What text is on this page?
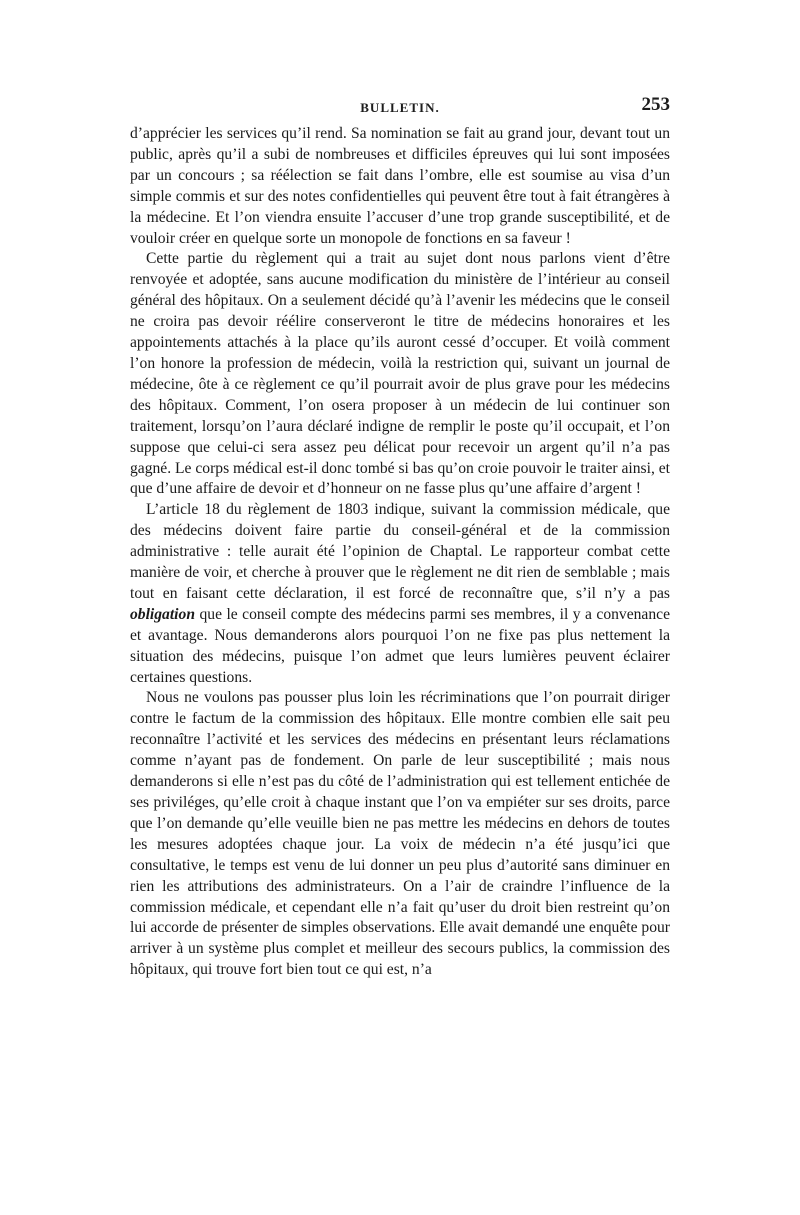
BULLETIN.	253

d’apprécier les services qu’il rend. Sa nomination se fait au grand jour, devant tout un public, après qu’il a subi de nombreuses et difficiles épreuves qui lui sont imposées par un concours ; sa réélection se fait dans l’ombre, elle est soumise au visa d’un simple commis et sur des notes confidentielles qui peuvent être tout à fait étrangères à la médecine. Et l’on viendra ensuite l’accuser d’une trop grande susceptibilité, et de vouloir créer en quelque sorte un monopole de fonctions en sa faveur !

Cette partie du règlement qui a trait au sujet dont nous parlons vient d’être renvoyée et adoptée, sans aucune modification du ministère de l’intérieur au conseil général des hôpitaux. On a seulement décidé qu’à l’avenir les médecins que le conseil ne croira pas devoir réélire conserveront le titre de médecins honoraires et les appointements attachés à la place qu’ils auront cessé d’occuper. Et voilà comment l’on honore la profession de médecin, voilà la restriction qui, suivant un journal de médecine, ôte à ce règlement ce qu’il pourrait avoir de plus grave pour les médecins des hôpitaux. Comment, l’on osera proposer à un médecin de lui continuer son traitement, lorsqu’on l’aura déclaré indigne de remplir le poste qu’il occupait, et l’on suppose que celui-ci sera assez peu délicat pour recevoir un argent qu’il n’a pas gagné. Le corps médical est-il donc tombé si bas qu’on croie pouvoir le traiter ainsi, et que d’une affaire de devoir et d’honneur on ne fasse plus qu’une affaire d’argent !

L’article 18 du règlement de 1803 indique, suivant la commission médicale, que des médecins doivent faire partie du conseil-général et de la commission administrative : telle aurait été l’opinion de Chaptal. Le rapporteur combat cette manière de voir, et cherche à prouver que le règlement ne dit rien de semblable ; mais tout en faisant cette déclaration, il est forcé de reconnaître que, s’il n’y a pas obligation que le conseil compte des médecins parmi ses membres, il y a convenance et avantage. Nous demanderons alors pourquoi l’on ne fixe pas plus nettement la situation des médecins, puisque l’on admet que leurs lumières peuvent éclairer certaines questions.

Nous ne voulons pas pousser plus loin les récriminations que l’on pourrait diriger contre le factum de la commission des hôpitaux. Elle montre combien elle sait peu reconnaître l’activité et les services des médecins en présentant leurs réclamations comme n’ayant pas de fondement. On parle de leur susceptibilité ; mais nous demanderons si elle n’est pas du côté de l’administration qui est tellement entichée de ses priviléges, qu’elle croit à chaque instant que l’on va empiéter sur ses droits, parce que l’on demande qu’elle veuille bien ne pas mettre les médecins en dehors de toutes les mesures adoptées chaque jour. La voix de médecin n’a été jusqu’ici que consultative, le temps est venu de lui donner un peu plus d’autorité sans diminuer en rien les attributions des administrateurs. On a l’air de craindre l’influence de la commission médicale, et cependant elle n’a fait qu’user du droit bien restreint qu’on lui accorde de présenter de simples observations. Elle avait demandé une enquête pour arriver à un système plus complet et meilleur des secours publics, la commission des hôpitaux, qui trouve fort bien tout ce qui est, n’a
